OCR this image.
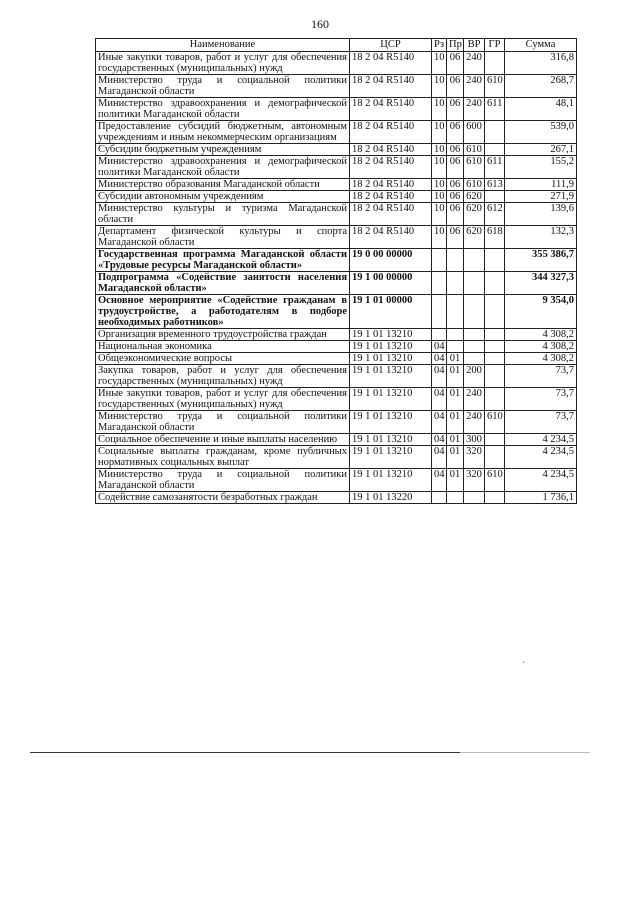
160
Наименование	ЦСР	Рз	Пр	ВР	ГР	Сумма
Иные закупки товаров, работ и услуг для обеспечения государственных (муниципальных) нужд	18 2 04 R5140	10	06	240		316,8
Министерство труда и социальной политики Магаданской области	18 2 04 R5140	10	06	240	610	268,7
Министерство здравоохранения и демографической политики Магаданской области	18 2 04 R5140	10	06	240	611	48,1
Предоставление субсидий бюджетным, автономным учреждениям и иным некоммерческим организациям	18 2 04 R5140	10	06	600		539,0
Субсидии бюджетным учреждениям	18 2 04 R5140	10	06	610		267,1
Министерство здравоохранения и демографической политики Магаданской области	18 2 04 R5140	10	06	610	611	155,2
Министерство образования Магаданской области	18 2 04 R5140	10	06	610	613	111,9
Субсидии автономным учреждениям	18 2 04 R5140	10	06	620		271,9
Министерство культуры и туризма Магаданской области	18 2 04 R5140	10	06	620	612	139,6
Департамент физической культуры и спорта Магаданской области	18 2 04 R5140	10	06	620	618	132,3
Государственная программа Магаданской области «Трудовые ресурсы Магаданской области»	19 0 00 00000					355 386,7
Подпрограмма «Содействие занятости населения Магаданской области»	19 1 00 00000					344 327,3
Основное мероприятие «Содействие гражданам в трудоустройстве, а работодателям в подборе необходимых работников»	19 1 01 00000					9 354,0
Организация временного трудоустройства граждан	19 1 01 13210					4 308,2
Национальная экономика	19 1 01 13210	04				4 308,2
Общеэкономические вопросы	19 1 01 13210	04	01			4 308,2
Закупка товаров, работ и услуг для обеспечения государственных (муниципальных) нужд	19 1 01 13210	04	01	200		73,7
Иные закупки товаров, работ и услуг для обеспечения государственных (муниципальных) нужд	19 1 01 13210	04	01	240		73,7
Министерство труда и социальной политики Магаданской области	19 1 01 13210	04	01	240	610	73,7
Социальное обеспечение и иные выплаты населению	19 1 01 13210	04	01	300		4 234,5
Социальные выплаты гражданам, кроме публичных нормативных социальных выплат	19 1 01 13210	04	01	320		4 234,5
Министерство труда и социальной политики Магаданской области	19 1 01 13210	04	01	320	610	4 234,5
Содействие самозанятости безработных граждан	19 1 01 13220					1 736,1
`
